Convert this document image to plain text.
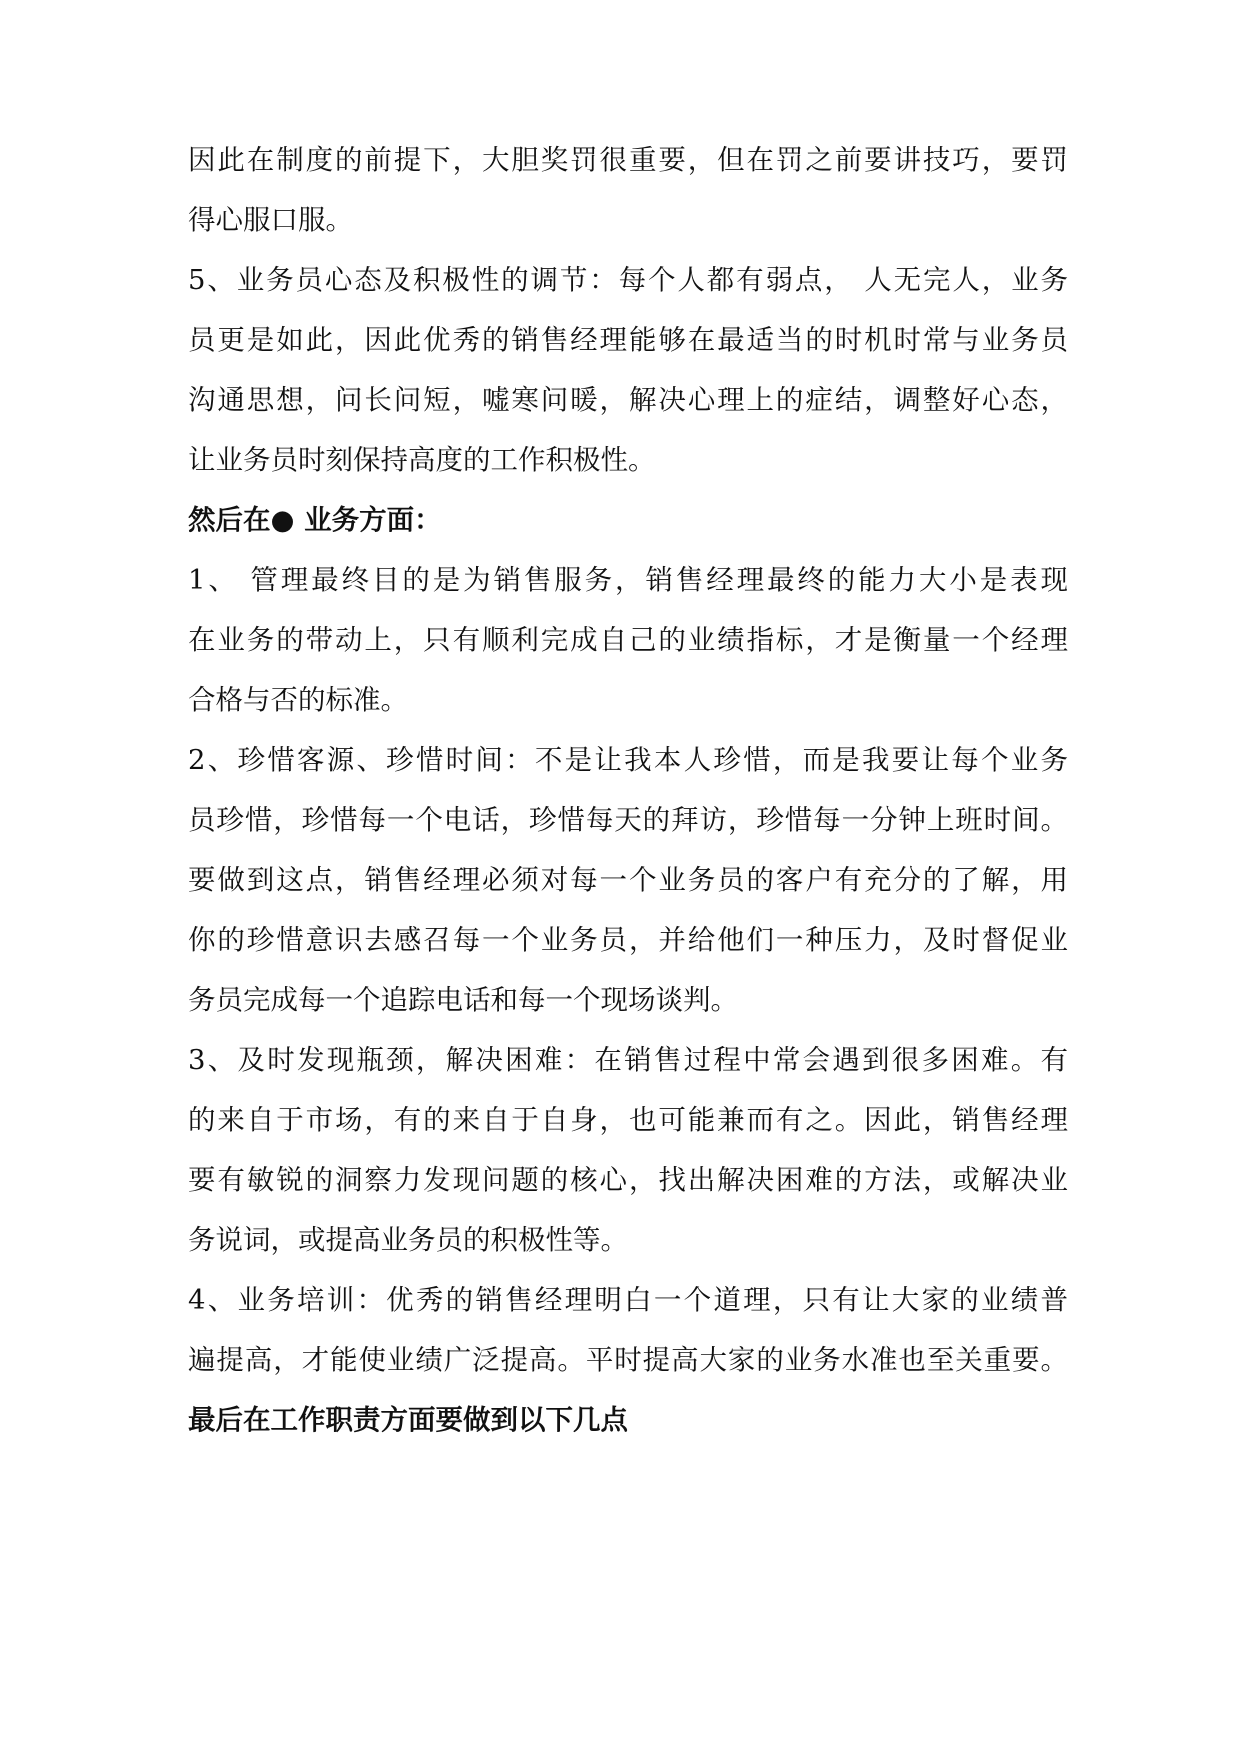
因此在制度的前提下，大胆奖罚很重要，但在罚之前要讲技巧，要罚
得心服口服。
5、业务员心态及积极性的调节：每个人都有弱点， 人无完人，业务
员更是如此，因此优秀的销售经理能够在最适当的时机时常与业务员
沟通思想，问长问短，嘘寒问暖，解决心理上的症结，调整好心态，
让业务员时刻保持高度的工作积极性。
然后在● 业务方面：
1、 管理最终目的是为销售服务，销售经理最终的能力大小是表现
在业务的带动上，只有顺利完成自己的业绩指标，才是衡量一个经理
合格与否的标准。
2、珍惜客源、珍惜时间：不是让我本人珍惜，而是我要让每个业务
员珍惜，珍惜每一个电话，珍惜每天的拜访，珍惜每一分钟上班时间。
要做到这点，销售经理必须对每一个业务员的客户有充分的了解，用
你的珍惜意识去感召每一个业务员，并给他们一种压力，及时督促业
务员完成每一个追踪电话和每一个现场谈判。
3、及时发现瓶颈，解决困难：在销售过程中常会遇到很多困难。有
的来自于市场，有的来自于自身，也可能兼而有之。因此，销售经理
要有敏锐的洞察力发现问题的核心，找出解决困难的方法，或解决业
务说词，或提高业务员的积极性等。
4、业务培训：优秀的销售经理明白一个道理，只有让大家的业绩普
遍提高，才能使业绩广泛提高。平时提高大家的业务水准也至关重要。
最后在工作职责方面要做到以下几点
